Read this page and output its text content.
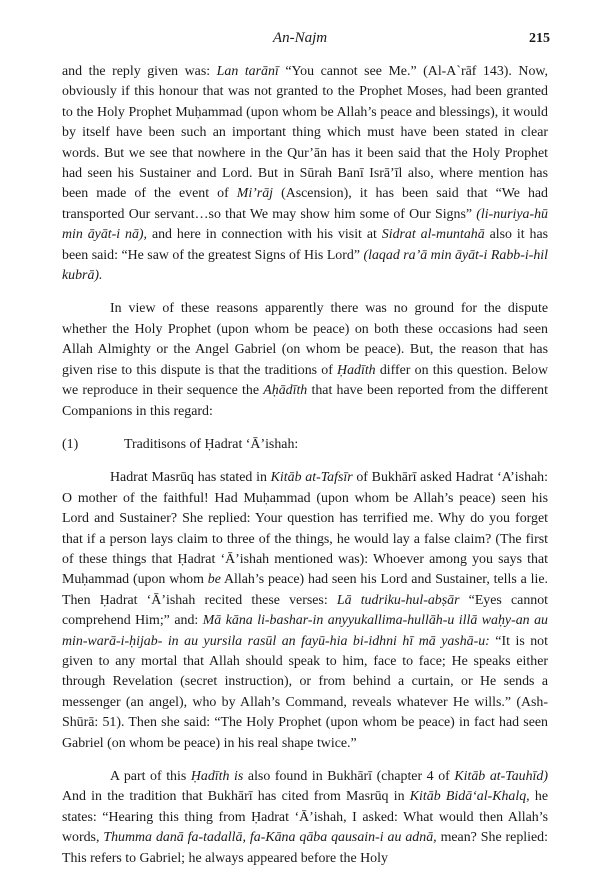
An-Najm	215

and the reply given was: Lan tarānī “You cannot see Me.” (Al-A`rāf 143). Now, obviously if this honour that was not granted to the Prophet Moses, had been granted to the Holy Prophet Muḥammad (upon whom be Allah’s peace and blessings), it would by itself have been such an important thing which must have been stated in clear words. But we see that nowhere in the Qur’ān has it been said that the Holy Prophet had seen his Sustainer and Lord. But in Sūrah Banī Isrā’īl also, where mention has been made of the event of Mi’rāj (Ascension), it has been said that “We had transported Our servant…so that We may show him some of Our Signs” (li-nuriya-hū min āyāt-i nā), and here in connection with his visit at Sidrat al-muntahā also it has been said: “He saw of the greatest Signs of His Lord” (laqad ra’ā min āyāt-i Rabb-i-hil kubrā).

In view of these reasons apparently there was no ground for the dispute whether the Holy Prophet (upon whom be peace) on both these occasions had seen Allah Almighty or the Angel Gabriel (on whom be peace). But, the reason that has given rise to this dispute is that the traditions of Ḥadīth differ on this question. Below we reproduce in their sequence the Aḥādīth that have been reported from the different Companions in this regard:

(1)	Traditisons of Ḥadrat ‘Ā’ishah:

Hadrat Masrūq has stated in Kitāb at-Tafsīr of Bukhārī asked Hadrat ‘A’ishah: O mother of the faithful! Had Muḥammad (upon whom be Allah’s peace) seen his Lord and Sustainer? She replied: Your question has terrified me. Why do you forget that if a person lays claim to three of the things, he would lay a false claim? (The first of these things that Ḥadrat ‘Ā’ishah mentioned was): Whoever among you says that Muḥammad (upon whom be Allah’s peace) had seen his Lord and Sustainer, tells a lie. Then Ḥadrat ‘Ā’ishah recited these verses: Lā tudriku-hul-abṣār “Eyes cannot comprehend Him;” and: Mā kāna li-bashar-in anyyukallima-hullāh-u illā waḥy-an au min-warā-i-ḥijab- in au yursila rasūl an fayū-hia bi-idhni hī mā yashā-u: “It is not given to any mortal that Allah should speak to him, face to face; He speaks either through Revelation (secret instruction), or from behind a curtain, or He sends a messenger (an angel), who by Allah’s Command, reveals whatever He wills.” (Ash-Shūrā: 51). Then she said: “The Holy Prophet (upon whom be peace) in fact had seen Gabriel (on whom be peace) in his real shape twice.”

A part of this Ḥadīth is also found in Bukhārī (chapter 4 of Kitāb at-Tauhīd) And in the tradition that Bukhārī has cited from Masrūq in Kitāb Bidā‘al-Khalq, he states: “Hearing this thing from Ḥadrat ‘Ā’ishah, I asked: What would then Allah’s words, Thumma danā fa-tadallā, fa-Kāna qāba qausain-i au adnā, mean? She replied: This refers to Gabriel; he always appeared before the Holy
